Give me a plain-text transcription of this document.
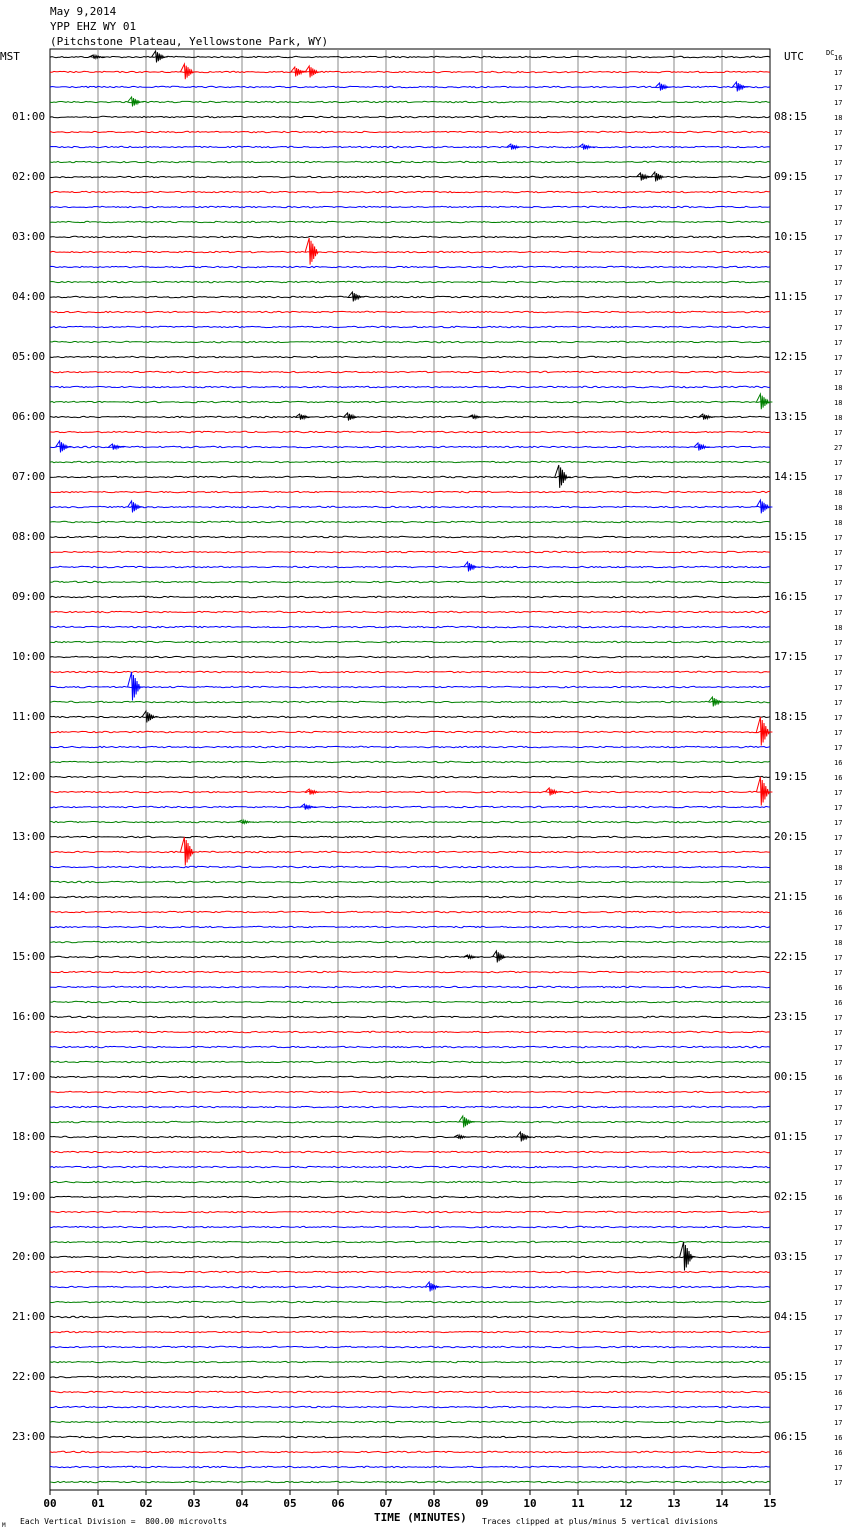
May 9,2014
YPP EHZ WY 01
(Pitchstone Plateau, Yellowstone Park, WY)
MST	UTC	DC
00	01	02	03	04	05	06	07	08	09	10	11	12	13	14	15
01:00
02:00
03:00
04:00
05:00
06:00
07:00
08:00
09:00
10:00
11:00
12:00
13:00
14:00
15:00
16:00
17:00
18:00
19:00
20:00
21:00
22:00
23:00
08:15
09:15
10:15
11:15
12:15
13:15
14:15
15:15
16:15
17:15
18:15
19:15
20:15
21:15
22:15
23:15
00:15
01:15
02:15
03:15
04:15
05:15
06:15
16
17
17
17
18
17
17
17
17
17
17
17
17
17
17
17
17
17
17
17
17
17
18
18
18
17
27
17
17
18
18
18
17
17
17
17
17
17
18
17
17
17
17
17
17
17
17
16
16
17
17
17
17
17
18
17
16
16
17
18
17
17
16
16
17
17
17
17
16
17
17
17
17
17
17
17
16
17
17
17
17
17
17
17
17
17
17
17
17
16
17
17
16
16
17
17
TIME (MINUTES)
Each Vertical Division =  800.00 microvolts	Traces clipped at plus/minus 5 vertical divisions
M
